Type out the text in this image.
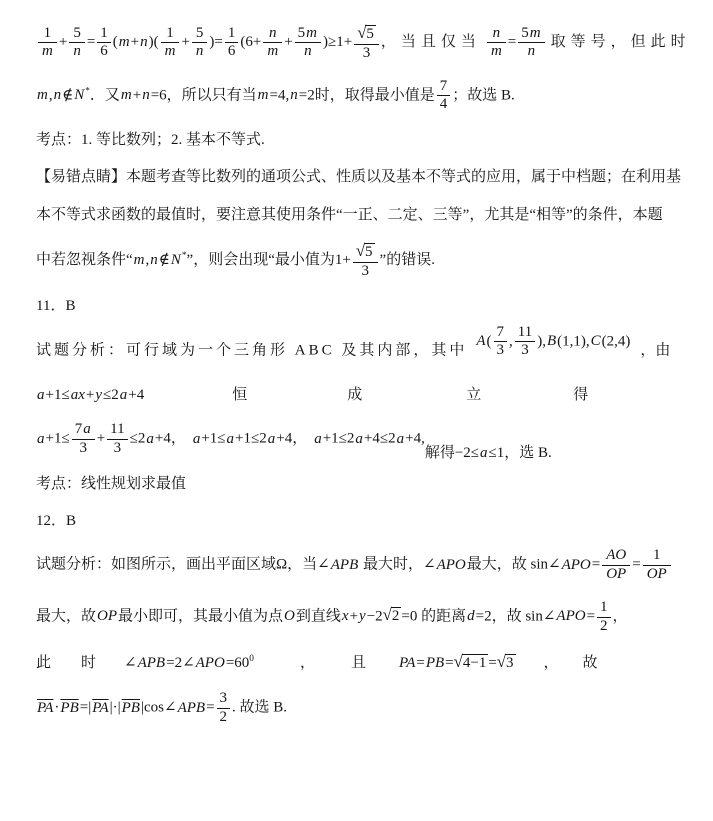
$\frac{1}{m} + \frac{5}{n} = \frac{1}{6} (m+n)( \frac{1}{m} + \frac{5}{n}$ )= $\frac{1}{6} (6+ \frac{n}{m} + \frac{5m}{n} )\ge 1+ \frac{√5}{3}$ ，当且仅当 $\frac{n}{m} = \frac{5m}{n}$ 取等号，但此时

m,n∉N*．又m+n=6，所以只有当m=4,n=2时，取得最小值是 $\frac{7}{4}$ ；故选 B.

考点：1. 等比数列；2. 基本不等式.

【易错点睛】本题考查等比数列的通项公式、性质以及基本不等式的应用，属于中档题；在利用基

本不等式求函数的最值时，要注意其使用条件“一正、二定、三等”，尤其是“相等”的条件，本题

中若忽视条件“m,n∉N*”，则会出现“最小值为$1+ \frac{√5}{3}$ ”的错误.

11．B

试题分析：可行域为一个三角形 ABC 及其内部，其中$A( \frac{7}{3}$ , $\frac{11}{3} ),B(1,1),C(2,4)$，由

a+1≤ax+y≤2a+4	恒	成	立	得

$a+1\le \frac{7a}{3} + \frac{11}{3} \le 2a+4$， a+1≤a+1≤2a+4， a+1≤2a+4≤2a+4,解得−2≤a≤1，选 B.

考点：线性规划求最值

12．B

试题分析：如图所示，画出平面区域Ω，当∠APB 最大时，∠APO最大，故 sin∠APO= $\frac{AO}{OP} = \frac{1}{OP}$

最大，故OP最小即可，其最小值为点O到直线x+y−2√2 =0 的距离d=2，故 sin∠APO= $\frac{1}{2}$ ，

此 时 $\angle APB=2\angle APO=60^0$	， 且 PA=PB=√4−1 =√3 ， 故

$\overline{PA}\cdot\overline{PB}=|\overline{PA}|\cdot|\overline{PB}|\cos\angle APB= \frac{3}{2}$ . 故选 B.
